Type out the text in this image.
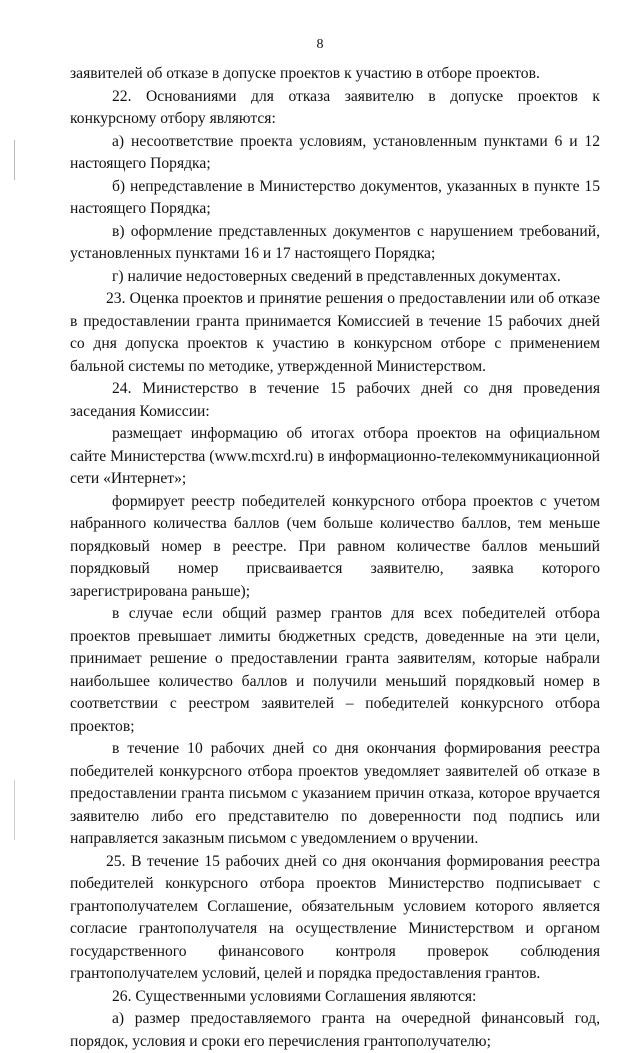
8

заявителей об отказе в допуске проектов к участию в отборе проектов.

22. Основаниями для отказа заявителю в допуске проектов к конкурсному отбору являются:

а) несоответствие проекта условиям, установленным пунктами 6 и 12 настоящего Порядка;

б) непредставление в Министерство документов, указанных в пункте 15 настоящего Порядка;

в) оформление представленных документов с нарушением требований, установленных пунктами 16 и 17 настоящего Порядка;

г) наличие недостоверных сведений в представленных документах.

23. Оценка проектов и принятие решения о предоставлении или об отказе в предоставлении гранта принимается Комиссией в течение 15 рабочих дней со дня допуска проектов к участию в конкурсном отборе с применением бальной системы по методике, утвержденной Министерством.

24. Министерство в течение 15 рабочих дней со дня проведения заседания Комиссии:

размещает информацию об итогах отбора проектов на официальном сайте Министерства (www.mcxrd.ru) в информационно-телекоммуникационной сети «Интернет»;

формирует реестр победителей конкурсного отбора проектов с учетом набранного количества баллов (чем больше количество баллов, тем меньше порядковый номер в реестре. При равном количестве баллов меньший порядковый номер присваивается заявителю, заявка которого зарегистрирована раньше);

в случае если общий размер грантов для всех победителей отбора проектов превышает лимиты бюджетных средств, доведенные на эти цели, принимает решение о предоставлении гранта заявителям, которые набрали наибольшее количество баллов и получили меньший порядковый номер в соответствии с реестром заявителей – победителей конкурсного отбора проектов;

в течение 10 рабочих дней со дня окончания формирования реестра победителей конкурсного отбора проектов уведомляет заявителей об отказе в предоставлении гранта письмом с указанием причин отказа, которое вручается заявителю либо его представителю по доверенности под подпись или направляется заказным письмом с уведомлением о вручении.

25. В течение 15 рабочих дней со дня окончания формирования реестра победителей конкурсного отбора проектов Министерство подписывает с грантополучателем Соглашение, обязательным условием которого является согласие грантополучателя на осуществление Министерством и органом государственного финансового контроля проверок соблюдения грантополучателем условий, целей и порядка предоставления грантов.

26. Существенными условиями Соглашения являются:

а) размер предоставляемого гранта на очередной финансовый год, порядок, условия и сроки его перечисления грантополучателю;
